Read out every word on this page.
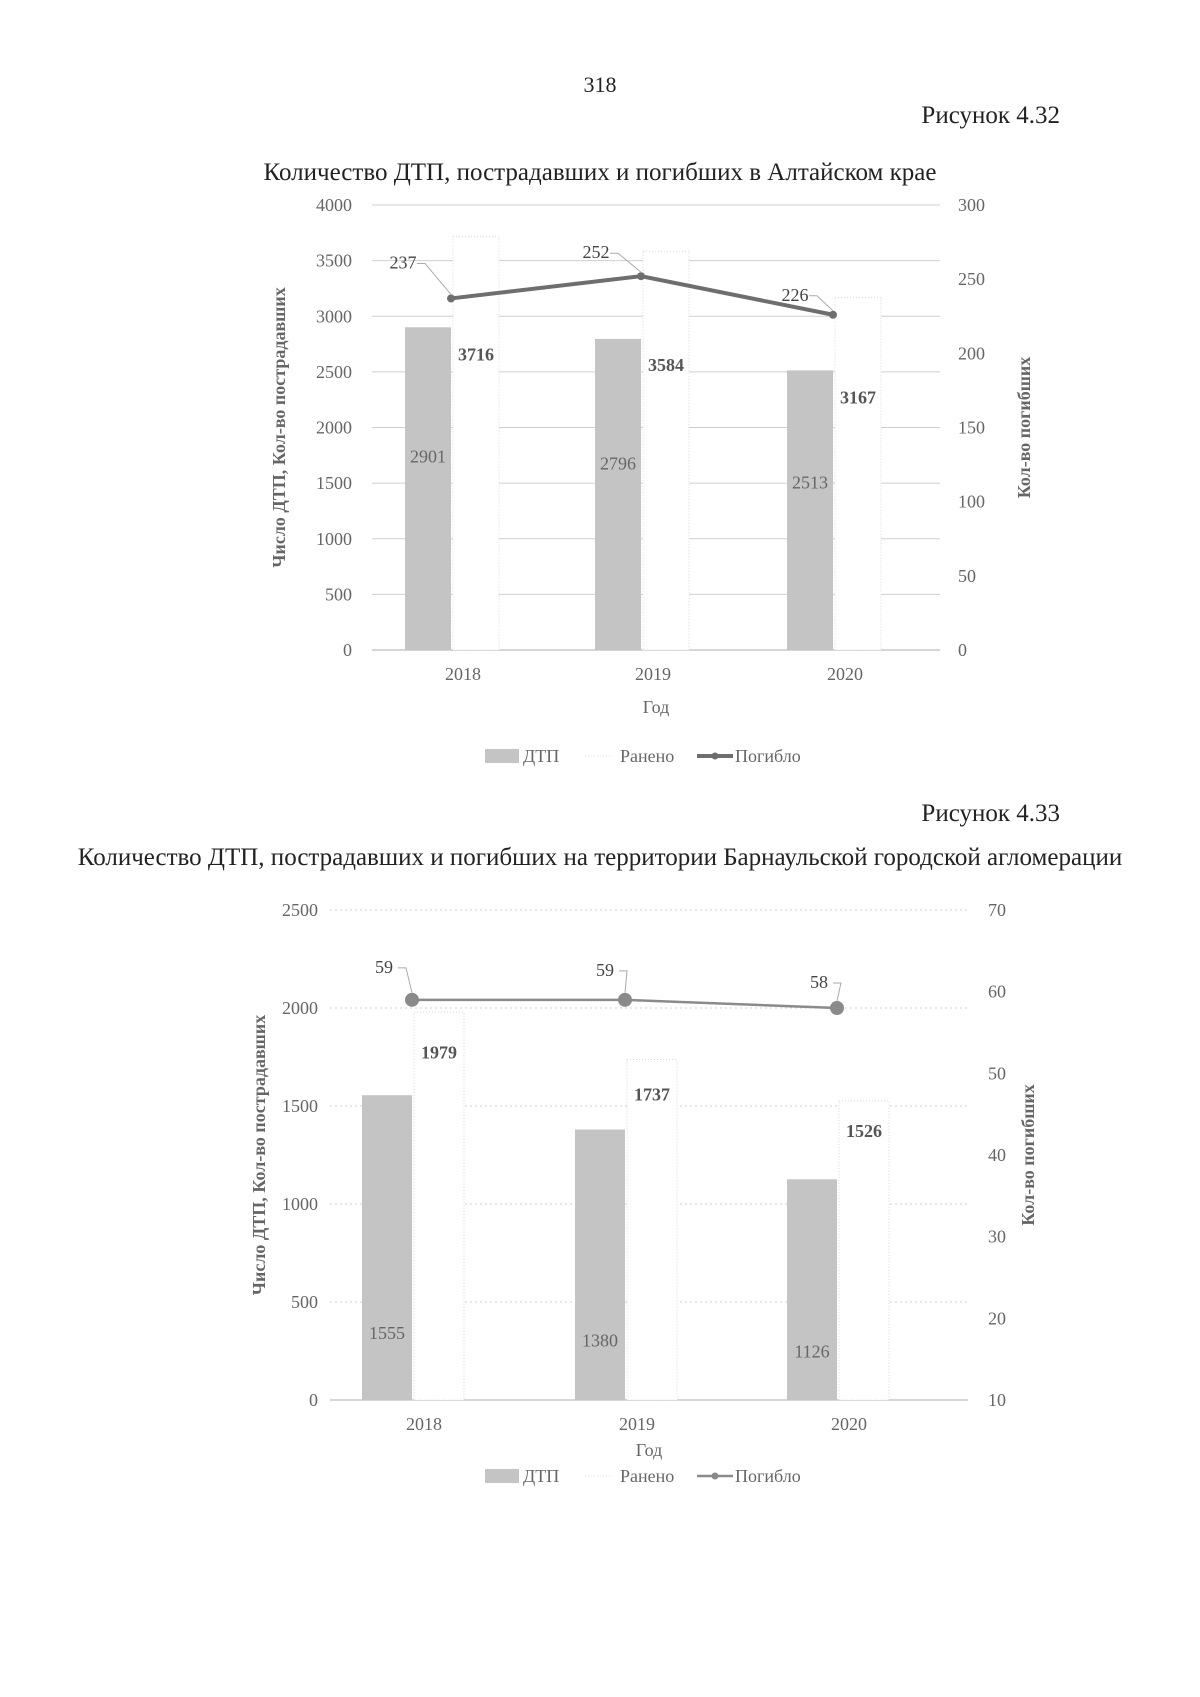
318
Рисунок 4.32
Количество ДТП, пострадавших и погибших в Алтайском крае
0
500
1000
1500
2000
2500
3000
3500
4000
0
50
100
150
200
250
300
2018	2019	2020
Год
Число ДТП, Кол-во пострадавших	Кол-во погибших
2901	2796
2513
3716
3584
3167
237
252
226
ДТП	Ранено	Погибло
Рисунок 4.33
Количество ДТП, пострадавших и погибших на территории Барнаульской городской агломерации
0
500
1000
1500
2000
2500
10
20
30
40
50
60
70
2018	2019	2020
Год
Число ДТП, Кол-во пострадавших	Кол-во погибших
1555	1380
1126
1979
1737
1526
59	59
58
ДТП	Ранено	Погибло
